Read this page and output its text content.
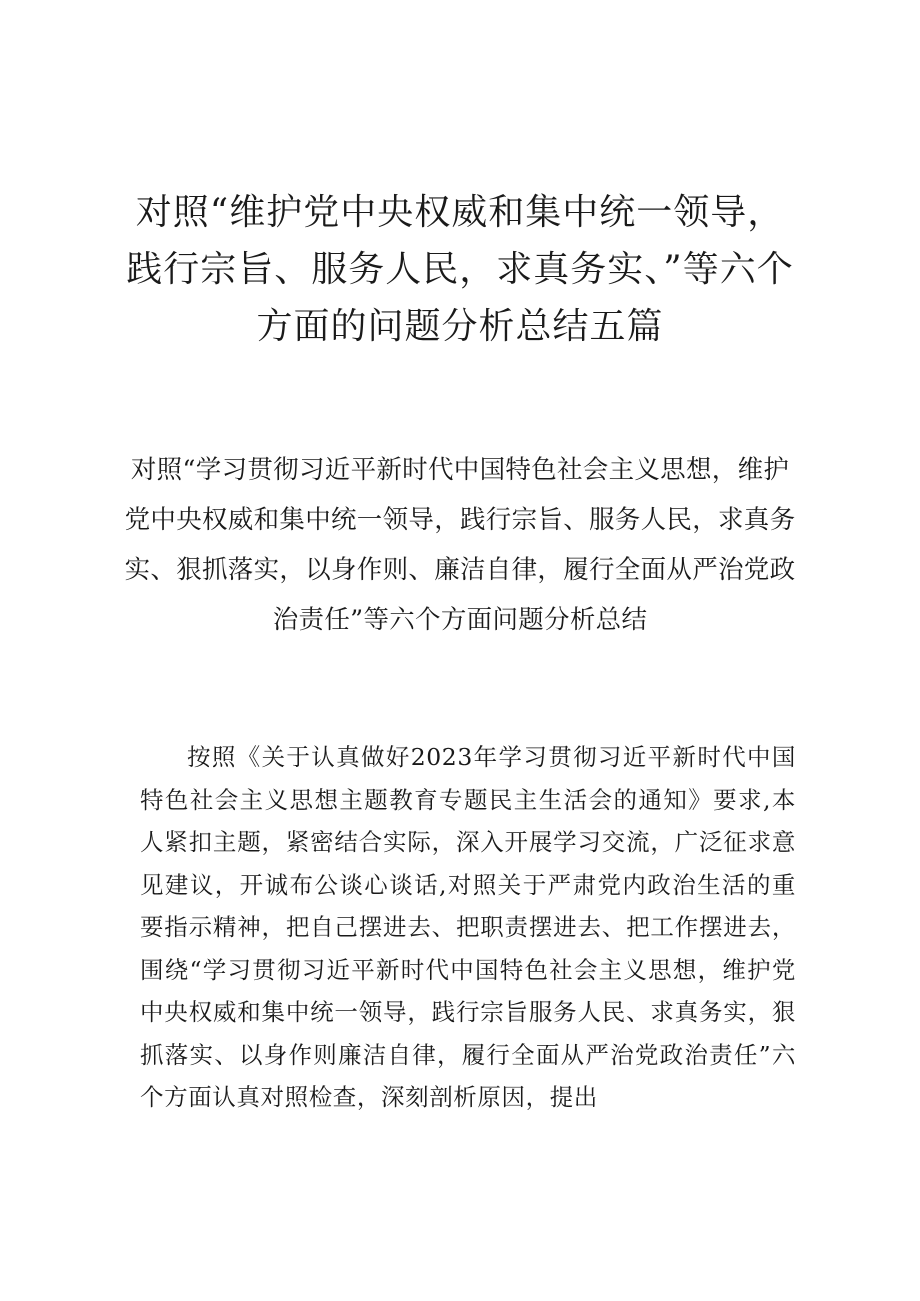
对照“维护党中央权威和集中统一领导，践行宗旨、服务人民，求真务实、”等六个方面的问题分析总结五篇
对照“学习贯彻习近平新时代中国特色社会主义思想，维护党中央权威和集中统一领导，践行宗旨、服务人民，求真务实、狠抓落实，以身作则、廉洁自律，履行全面从严治党政治责任”等六个方面问题分析总结

按照《关于认真做好2023年学习贯彻习近平新时代中国特色社会主义思想主题教育专题民主生活会的通知》要求,本人紧扣主题，紧密结合实际，深入开展学习交流，广泛征求意见建议，开诚布公谈心谈话,对照关于严肃党内政治生活的重要指示精神，把自己摆进去、把职责摆进去、把工作摆进去，围绕“学习贯彻习近平新时代中国特色社会主义思想，维护党中央权威和集中统一领导，践行宗旨服务人民、求真务实，狠抓落实、以身作则廉洁自律，履行全面从严治党政治责任”六个方面认真对照检查，深刻剖析原因，提出
